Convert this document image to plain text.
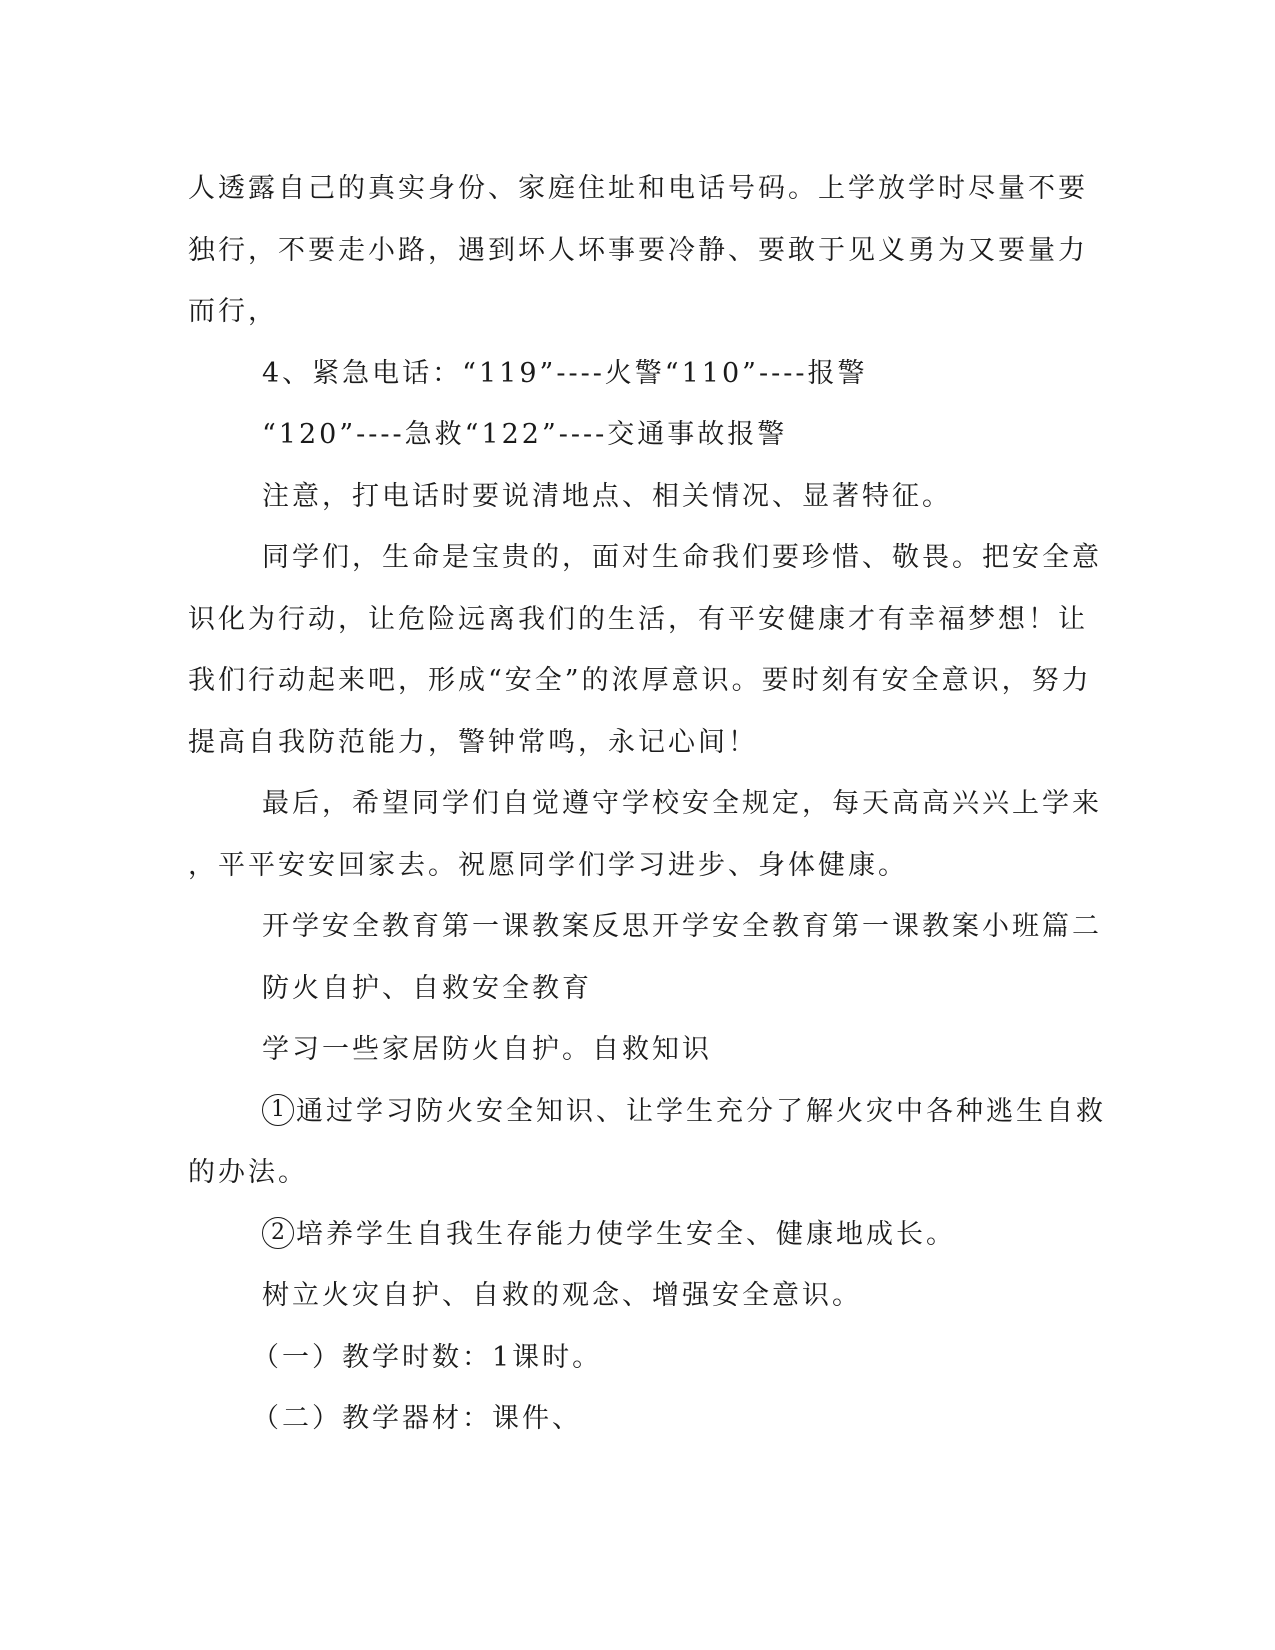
人透露自己的真实身份、家庭住址和电话号码。上学放学时尽量不要
独行，不要走小路，遇到坏人坏事要冷静、要敢于见义勇为又要量力
而行，
4、紧急电话：“119”----火警“110”----报警
“120”----急救“122”----交通事故报警
注意，打电话时要说清地点、相关情况、显著特征。
同学们，生命是宝贵的，面对生命我们要珍惜、敬畏。把安全意
识化为行动，让危险远离我们的生活，有平安健康才有幸福梦想！让
我们行动起来吧，形成“安全”的浓厚意识。要时刻有安全意识，努力
提高自我防范能力，警钟常鸣，永记心间！
最后，希望同学们自觉遵守学校安全规定，每天高高兴兴上学来
，平平安安回家去。祝愿同学们学习进步、身体健康。
开学安全教育第一课教案反思开学安全教育第一课教案小班篇二
防火自护、自救安全教育
学习一些家居防火自护。自救知识
1 通过学习防火安全知识、让学生充分了解火灾中各种逃生自救
的办法。
2 培养学生自我生存能力使学生安全、健康地成长。
树立火灾自护、自救的观念、增强安全意识。
（一）教学时数：1课时。
（二）教学器材：课件、
